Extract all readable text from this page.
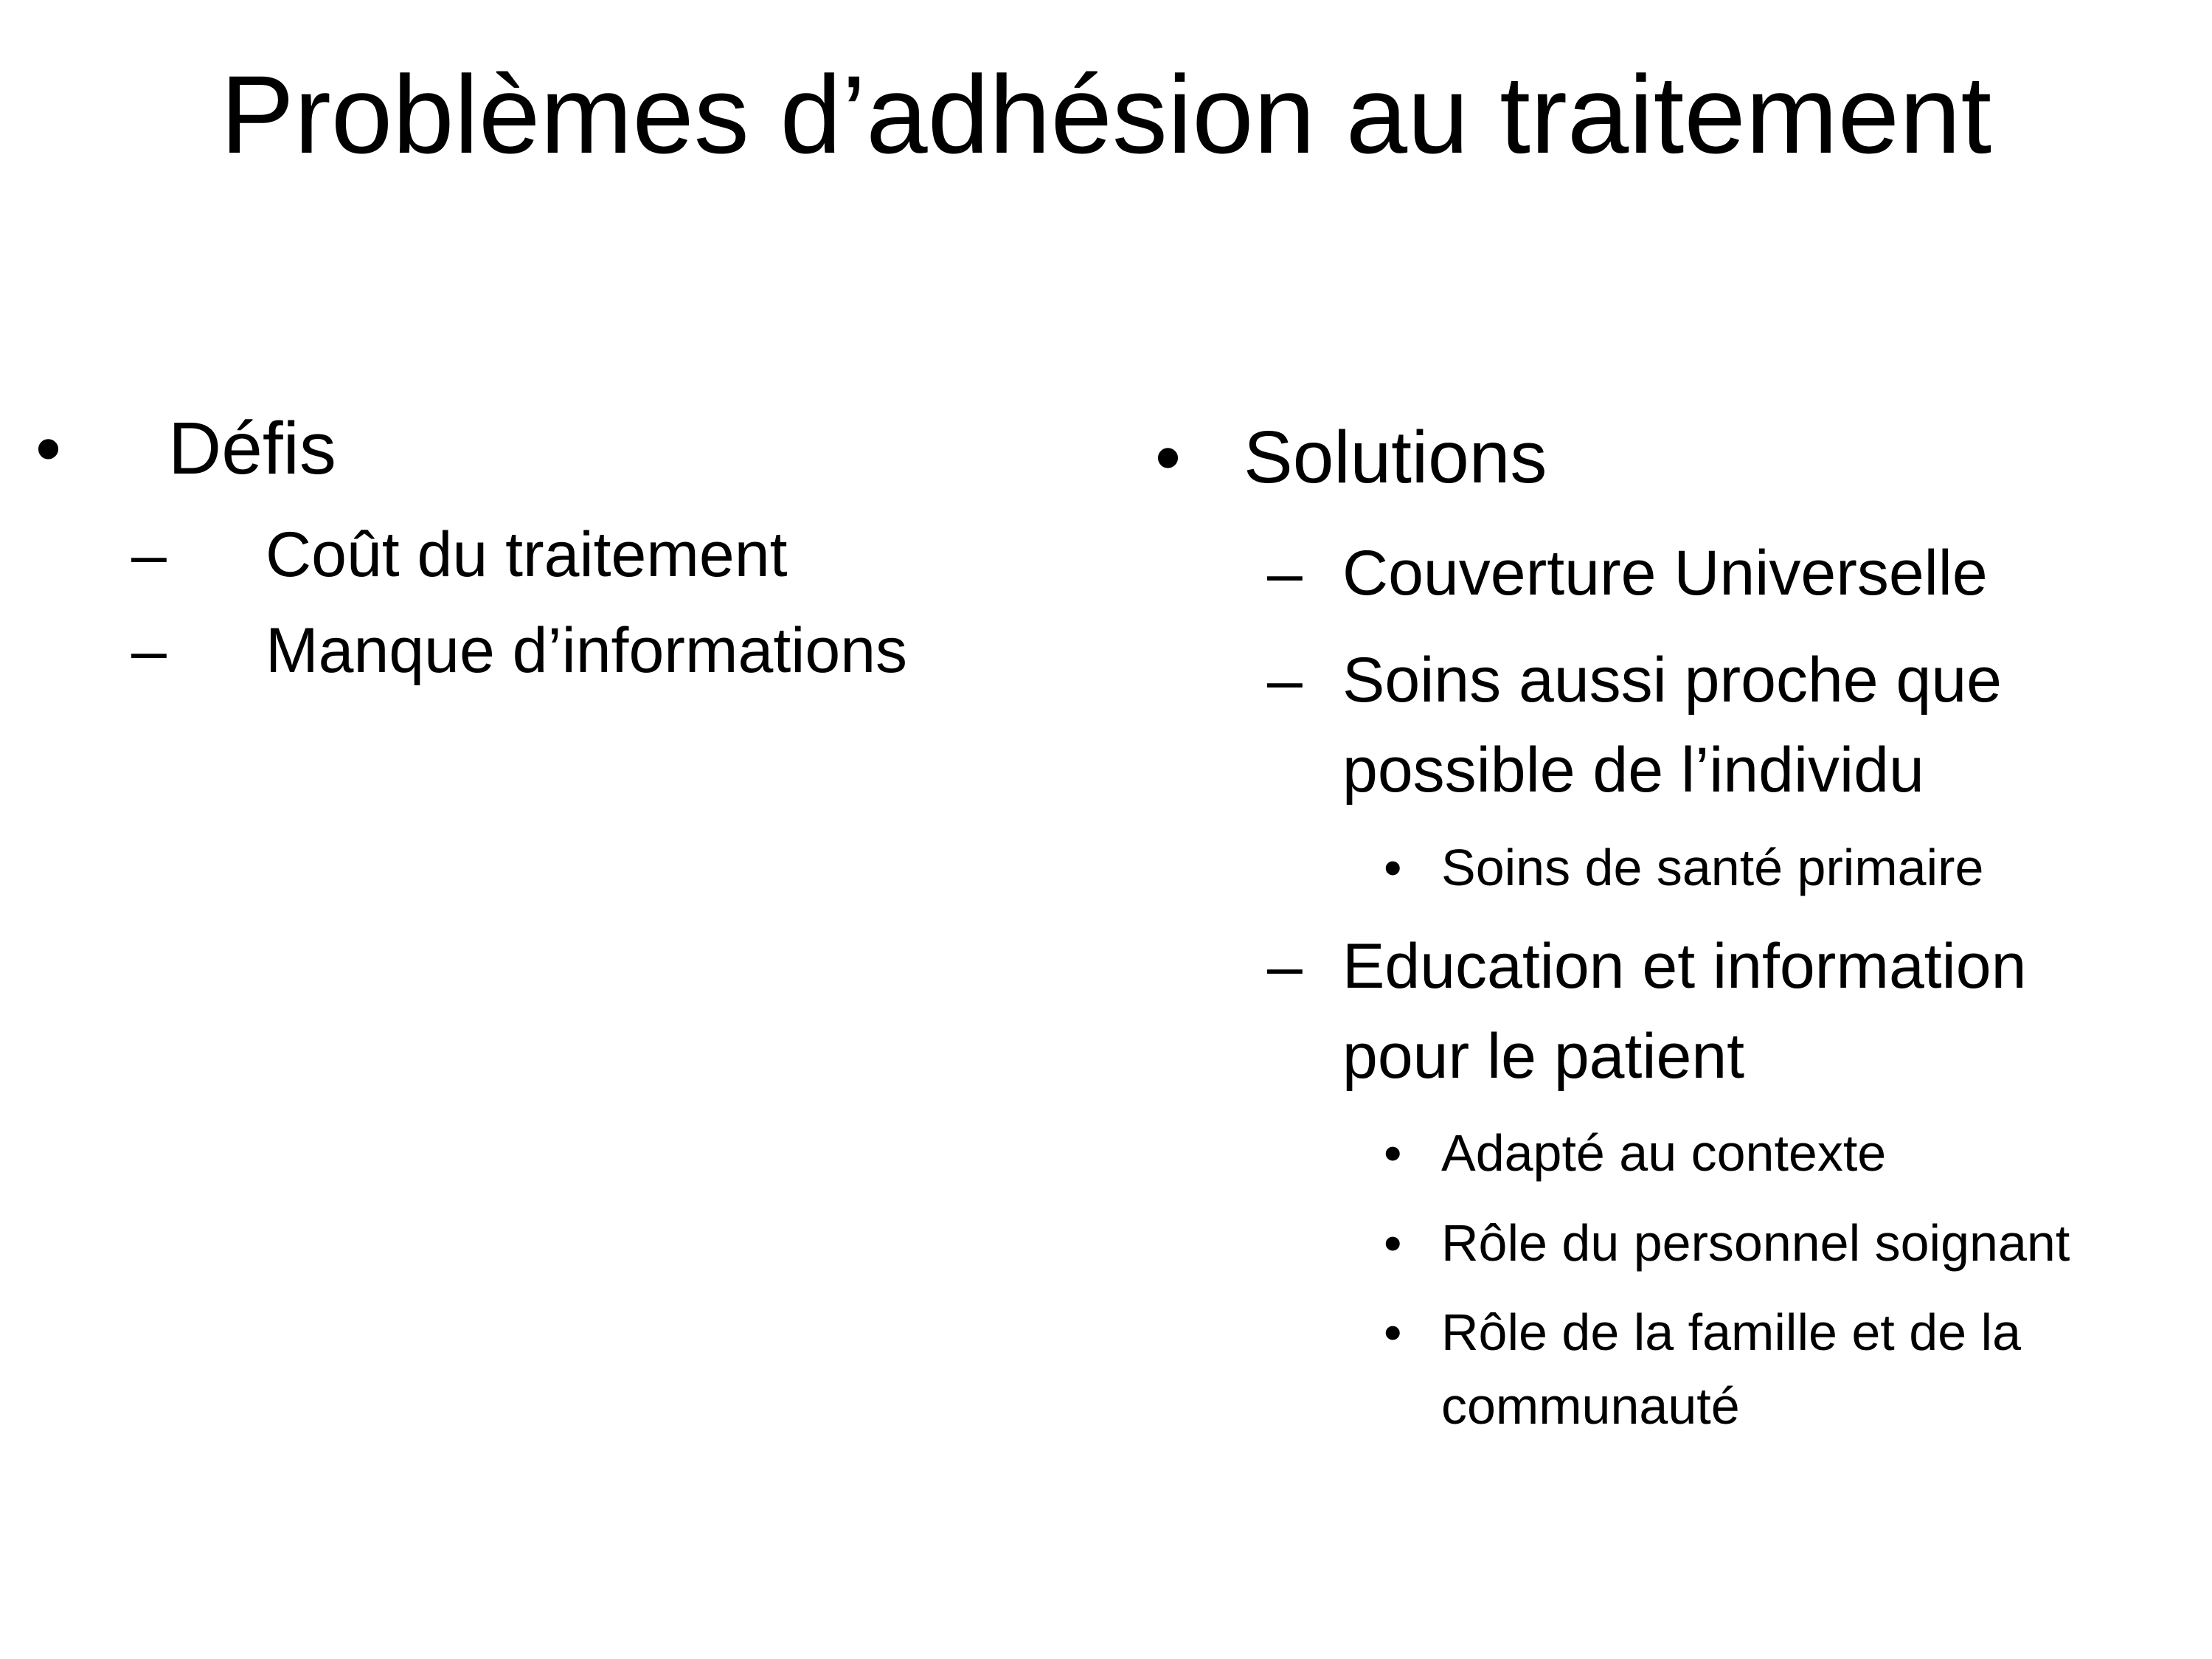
Problèmes d’adhésion au traitement
• Défis
– Coût du traitement
– Manque d’informations
• Solutions
– Couverture Universelle
– Soins aussi proche que
possible de l’individu
• Soins de santé primaire
– Education et information
pour le patient
• Adapté au contexte
• Rôle du personnel soignant
• Rôle de la famille et de la
communauté
